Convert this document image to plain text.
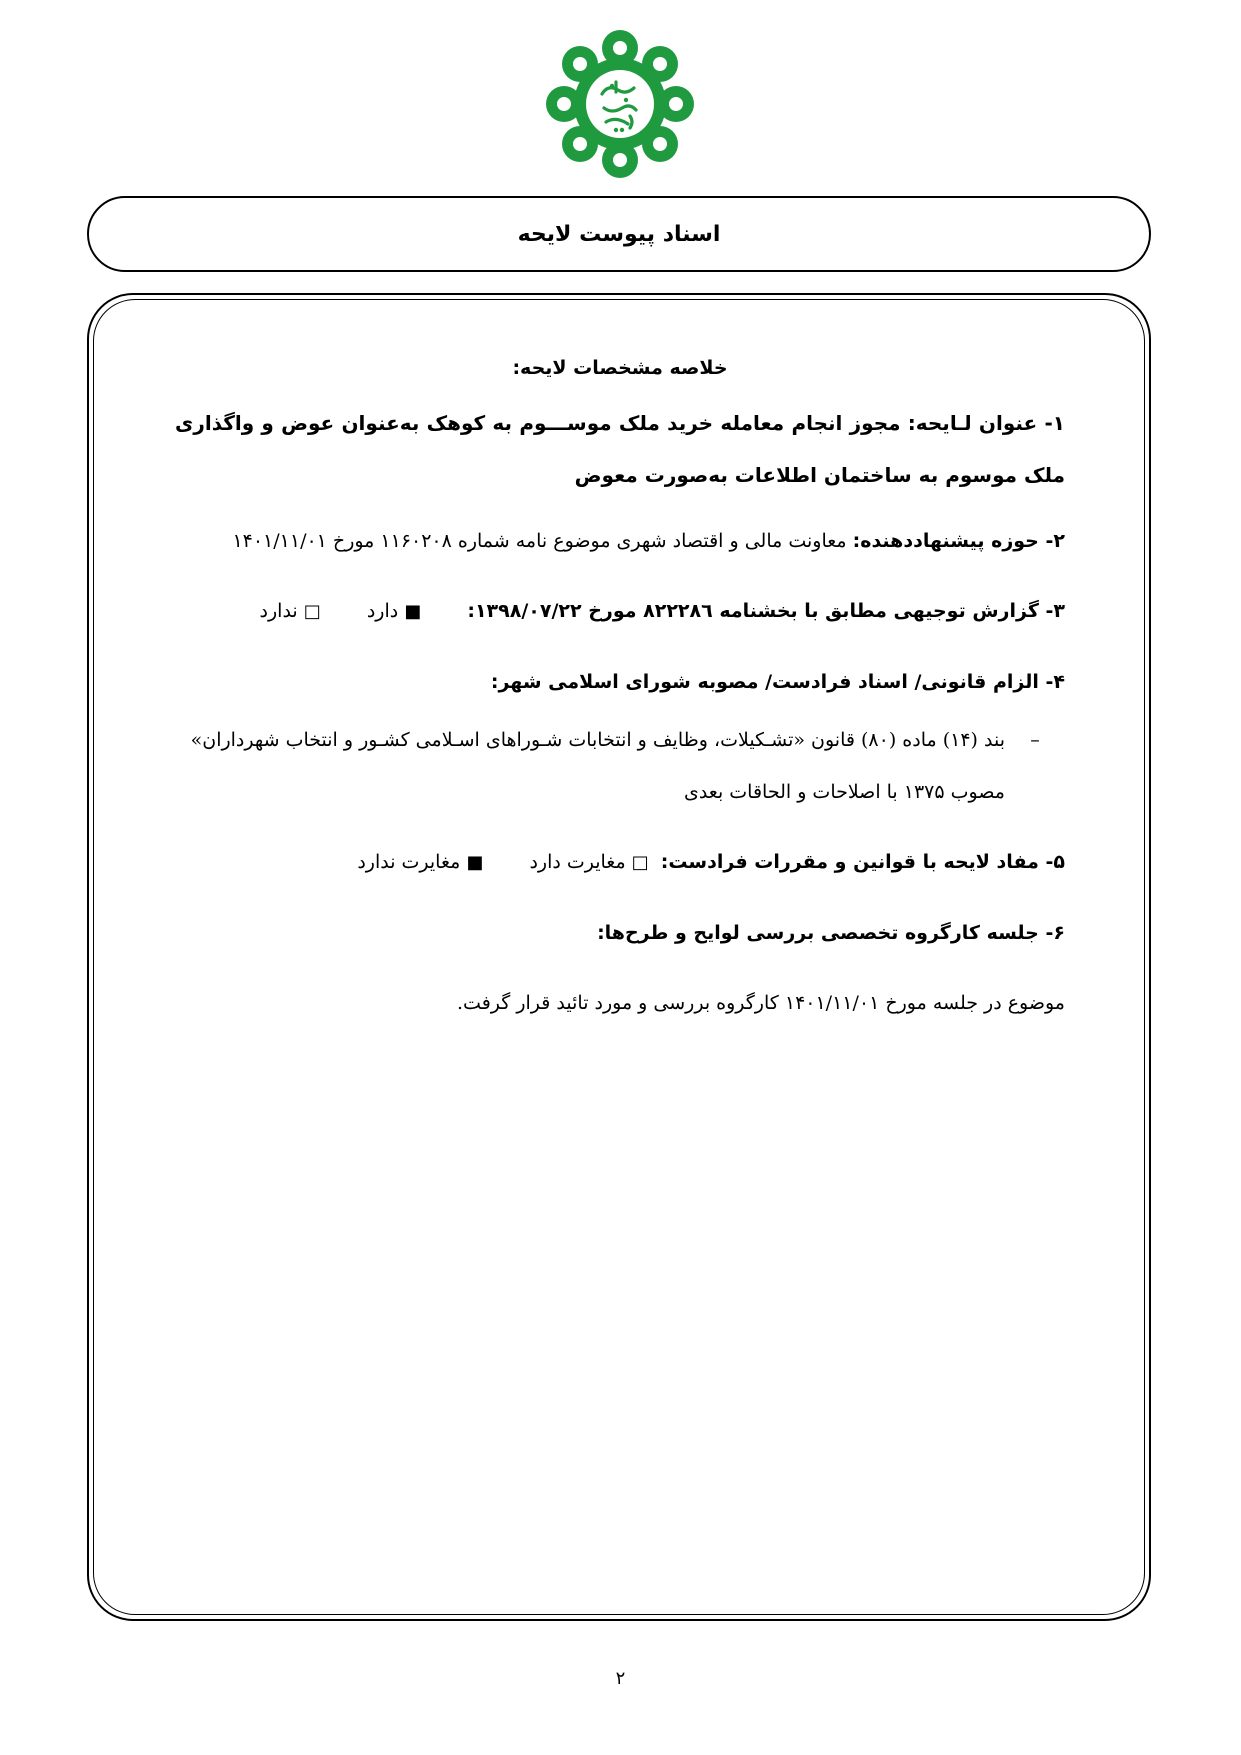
اسناد پیوست لایحه
خلاصه مشخصات لایحه:
۱- عنوان لـایحه: مجوز انجام معامله خرید ملک موســـوم به کوهک به‌عنوان عوض و واگذاری ملک موسوم به ساختمان اطلاعات به‌صورت معوض
۲- حوزه پیشنهاددهنده: معاونت مالی و اقتصاد شهری موضوع نامه شماره ۱۱۶۰۲۰۸ مورخ ۱۴۰۱/۱۱/۰۱
۳- گزارش توجیهی مطابق با بخشنامه ۸۲۲۲۸٦ مورخ ۱۳۹۸/۰۷/۲۲:  ■دارد  □ندارد
۴- الزام قانونی/ اسناد فرادست/ مصوبه شورای اسلامی شهر:
–
بند (۱۴) ماده (۸۰) قانون «تشـکیلات، وظایف و انتخابات شـوراهای اسـلامی کشـور و انتخاب شهرداران» مصوب ۱۳۷۵ با اصلاحات و الحاقات بعدی
۵- مفاد لایحه با قوانین و مقررات فرادست: □مغایرت دارد  ■مغایرت ندارد
۶- جلسه کارگروه تخصصی بررسی لوایح و طرح‌ها:
موضوع در جلسه مورخ ۱۴۰۱/۱۱/۰۱ کارگروه بررسی و مورد تائید قرار گرفت.
۲
